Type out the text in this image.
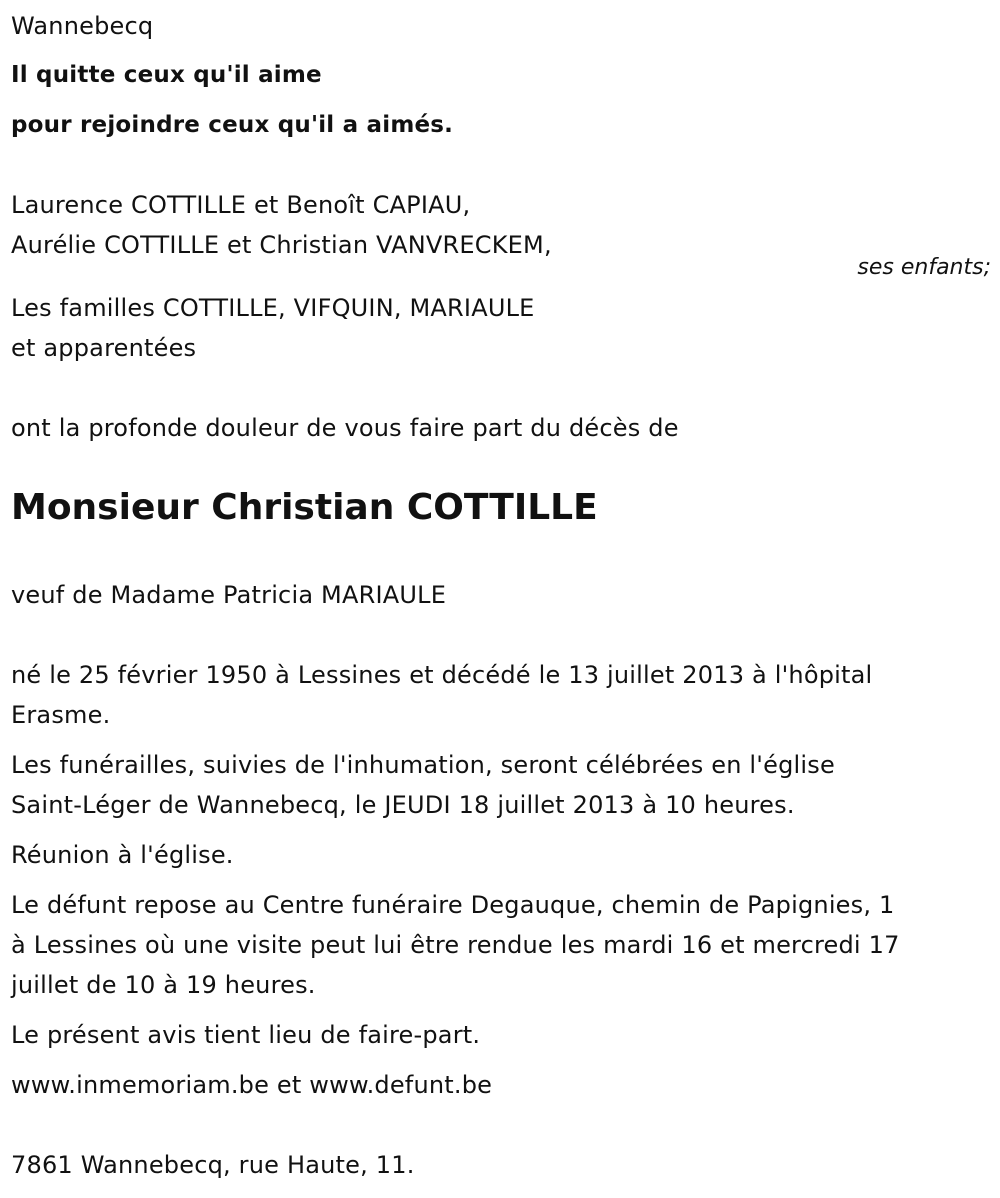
Wannebecq

Il quitte ceux qu'il aime

pour rejoindre ceux qu'il a aimés.

Laurence COTTILLE et Benoît CAPIAU,

Aurélie COTTILLE et Christian VANVRECKEM,

ses enfants;

Les familles COTTILLE, VIFQUIN, MARIAULE

et apparentées

ont la profonde douleur de vous faire part du décès de

Monsieur Christian COTTILLE

veuf de Madame Patricia MARIAULE

né le 25 février 1950 à Lessines et décédé le 13 juillet 2013 à l'hôpital

Erasme.

Les funérailles, suivies de l'inhumation, seront célébrées en l'église

Saint-Léger de Wannebecq, le JEUDI 18 juillet 2013 à 10 heures.

Réunion à l'église.

Le défunt repose au Centre funéraire Degauque, chemin de Papignies, 1

à Lessines où une visite peut lui être rendue les mardi 16 et mercredi 17

juillet de 10 à 19 heures.

Le présent avis tient lieu de faire-part.

www.inmemoriam.be et www.defunt.be

7861 Wannebecq, rue Haute, 11.
